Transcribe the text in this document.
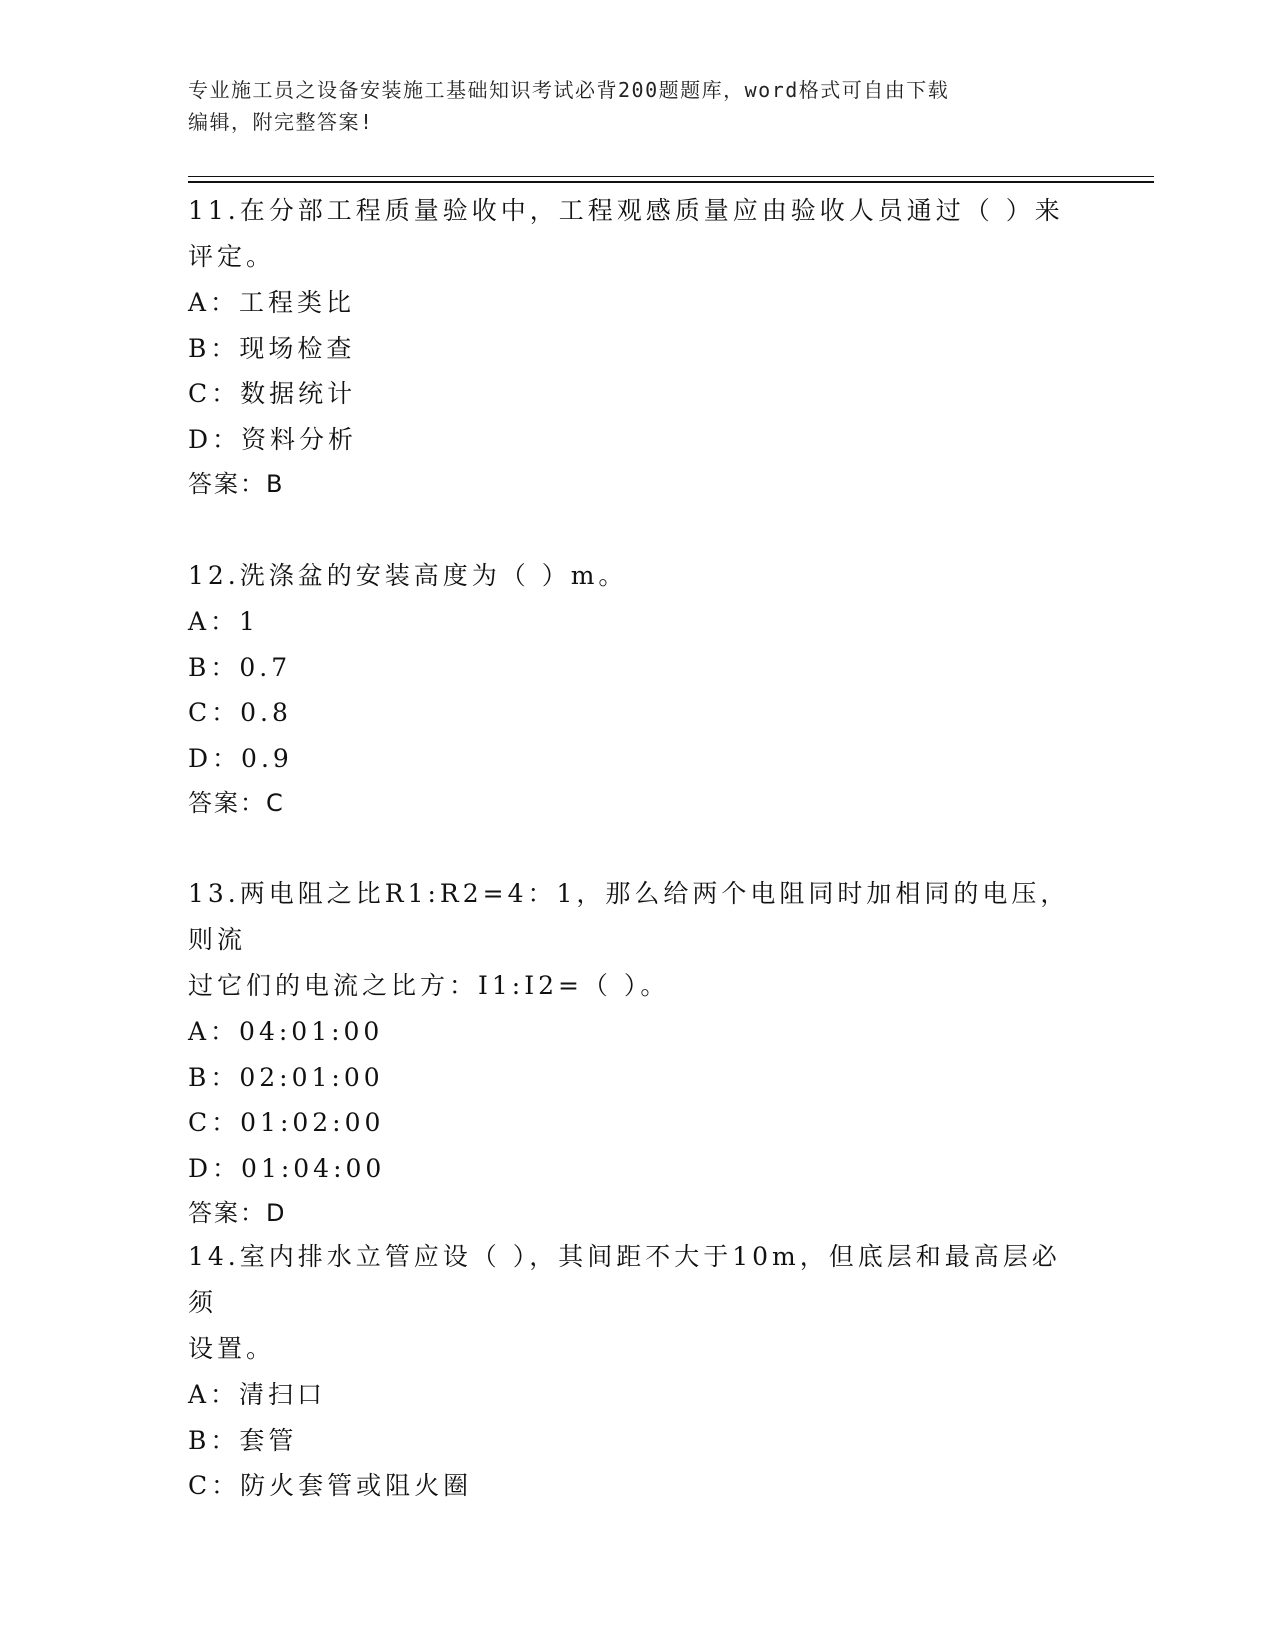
专业施工员之设备安装施工基础知识考试必背200题题库，word格式可自由下载
编辑，附完整答案!
11.在分部工程质量验收中，工程观感质量应由验收人员通过（ ）来
评定。
A：工程类比
B：现场检查
C：数据统计
D：资料分析
答案：B
12.洗涤盆的安装高度为（ ）m。
A：1
B：0.7
C：0.8
D：0.9
答案：C
13.两电阻之比R1:R2=4：1，那么给两个电阻同时加相同的电压，则流
过它们的电流之比方：I1:I2=（ ）。
A：04:01:00
B：02:01:00
C：01:02:00
D：01:04:00
答案：D
14.室内排水立管应设（ ），其间距不大于10m，但底层和最高层必须
设置。
A：清扫口
B：套管
C：防火套管或阻火圈
